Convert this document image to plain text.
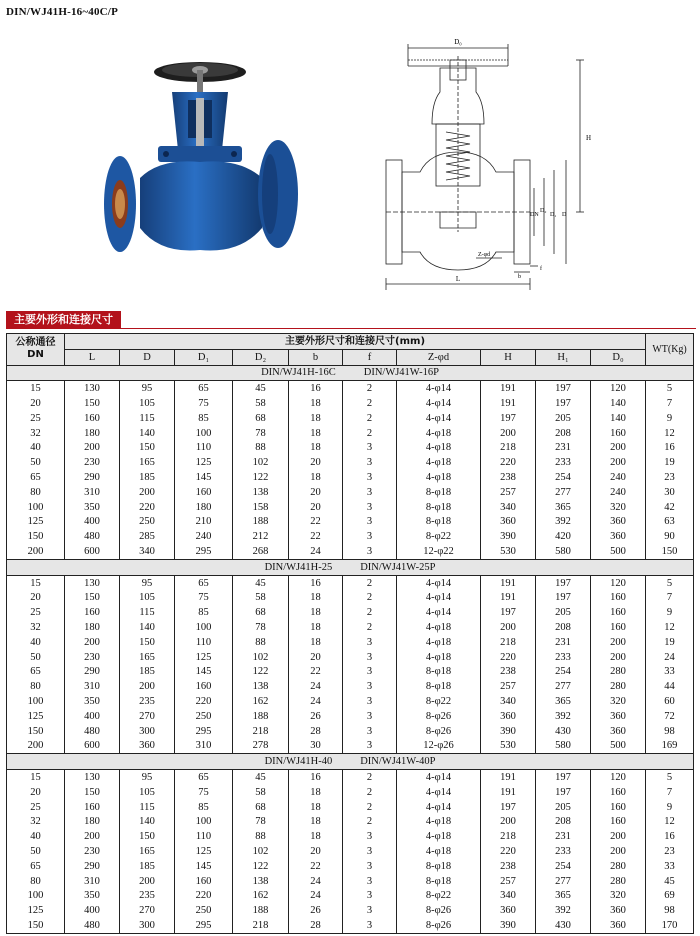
DIN/WJ41H-16~40C/P
D₀
H
DN
D₂
D₁ D
Z-φd
b
f
L
主要外形和连接尺寸
公称通径 DN	主要外形尺寸和连接尺寸(mm)										WT(Kg)
	L	D	D₁	D₂	b	f	Z-φd	H	H₁	D₀	
DIN/WJ41H-16C DIN/WJ41W-16P											
15	130	95	65	45	16	2	4-φ14	191	197	120	5
20	150	105	75	58	18	2	4-φ14	191	197	140	7
25	160	115	85	68	18	2	4-φ14	197	205	140	9
32	180	140	100	78	18	2	4-φ18	200	208	160	12
40	200	150	110	88	18	3	4-φ18	218	231	200	16
50	230	165	125	102	20	3	4-φ18	220	233	200	19
65	290	185	145	122	18	3	4-φ18	238	254	240	23
80	310	200	160	138	20	3	8-φ18	257	277	240	30
100	350	220	180	158	20	3	8-φ18	340	365	320	42
125	400	250	210	188	22	3	8-φ18	360	392	360	63
150	480	285	240	212	22	3	8-φ22	390	420	360	90
200	600	340	295	268	24	3	12-φ22	530	580	500	150
DIN/WJ41H-25 DIN/WJ41W-25P											
15	130	95	65	45	16	2	4-φ14	191	197	120	5
20	150	105	75	58	18	2	4-φ14	191	197	160	7
25	160	115	85	68	18	2	4-φ14	197	205	160	9
32	180	140	100	78	18	2	4-φ18	200	208	160	12
40	200	150	110	88	18	3	4-φ18	218	231	200	19
50	230	165	125	102	20	3	4-φ18	220	233	200	24
65	290	185	145	122	22	3	8-φ18	238	254	280	33
80	310	200	160	138	24	3	8-φ18	257	277	280	44
100	350	235	220	162	24	3	8-φ22	340	365	320	60
125	400	270	250	188	26	3	8-φ26	360	392	360	72
150	480	300	295	218	28	3	8-φ26	390	430	360	98
200	600	360	310	278	30	3	12-φ26	530	580	500	169
DIN/WJ41H-40 DIN/WJ41W-40P											
15	130	95	65	45	16	2	4-φ14	191	197	120	5
20	150	105	75	58	18	2	4-φ14	191	197	160	7
25	160	115	85	68	18	2	4-φ14	197	205	160	9
32	180	140	100	78	18	2	4-φ18	200	208	160	12
40	200	150	110	88	18	3	4-φ18	218	231	200	16
50	230	165	125	102	20	3	4-φ18	220	233	200	23
65	290	185	145	122	22	3	8-φ18	238	254	280	33
80	310	200	160	138	24	3	8-φ18	257	277	280	45
100	350	235	220	162	24	3	8-φ22	340	365	320	69
125	400	270	250	188	26	3	8-φ26	360	392	360	98
150	480	300	295	218	28	3	8-φ26	390	430	360	170
